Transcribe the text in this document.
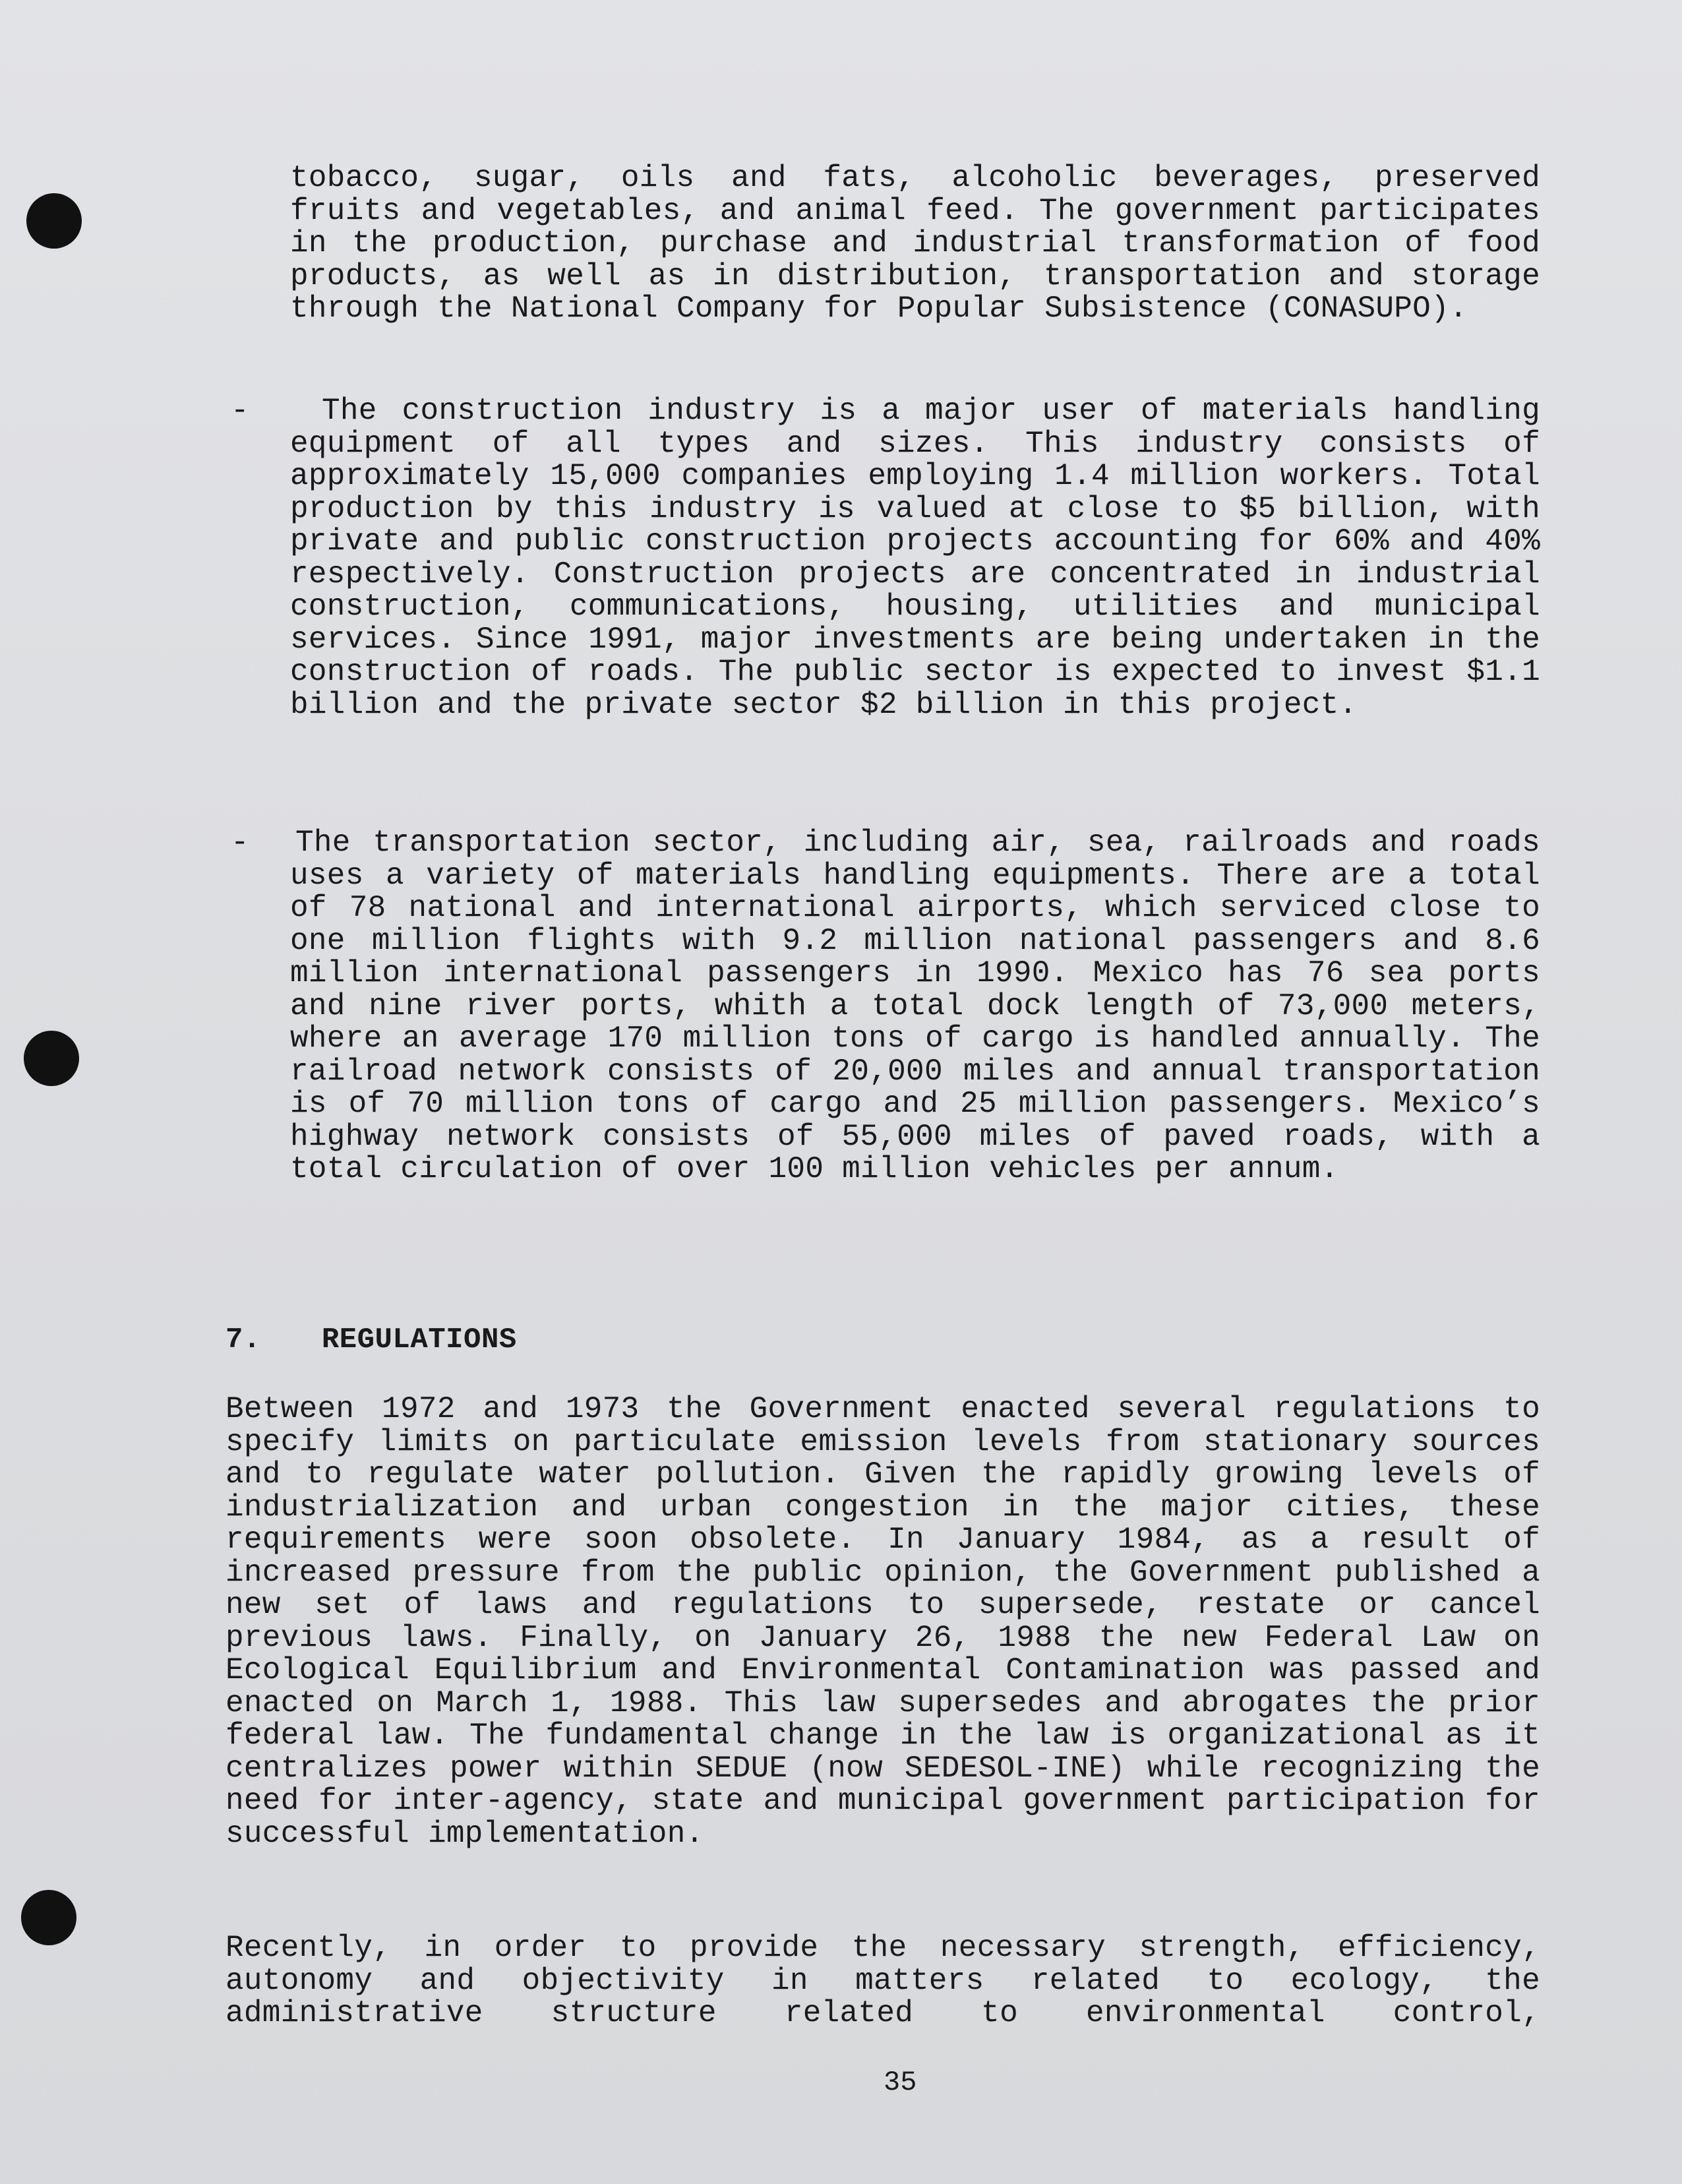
tobacco, sugar, oils and fats, alcoholic beverages, preserved fruits and vegetables, and animal feed. The government participates in the production, purchase and industrial transformation of food products, as well as in distribution, transportation and storage through the National Company for Popular Subsistence (CONASUPO).
-	The construction industry is a major user of materials handling equipment of all types and sizes. This industry consists of approximately 15,000 companies employing 1.4 million workers. Total production by this industry is valued at close to $5 billion, with private and public construction projects accounting for 60% and 40% respectively. Construction projects are concentrated in industrial construction, communications, housing, utilities and municipal services. Since 1991, major investments are being undertaken in the construction of roads. The public sector is expected to invest $1.1 billion and the private sector $2 billion in this project.
- The transportation sector, including air, sea, railroads and roads uses a variety of materials handling equipments. There are a total of 78 national and international airports, which serviced close to one million flights with 9.2 million national passengers and 8.6 million international passengers in 1990. Mexico has 76 sea ports and nine river ports, whith a total dock length of 73,000 meters, where an average 170 million tons of cargo is handled annually. The railroad network consists of 20,000 miles and annual transportation is of 70 million tons of cargo and 25 million passengers. Mexico’s highway network consists of 55,000 miles of paved roads, with a total circulation of over 100 million vehicles per annum.
7. REGULATIONS
Between 1972 and 1973 the Government enacted several regulations to specify limits on particulate emission levels from stationary sources and to regulate water pollution. Given the rapidly growing levels of industrialization and urban congestion in the major cities, these requirements were soon obsolete. In January 1984, as a result of increased pressure from the public opinion, the Government published a new set of laws and regulations to supersede, restate or cancel previous laws. Finally, on January 26, 1988 the new Federal Law on Ecological Equilibrium and Environmental Contamination was passed and enacted on March 1, 1988. This law supersedes and abrogates the prior federal law. The fundamental change in the law is organizational as it centralizes power within SEDUE (now SEDESOL-INE) while recognizing the need for inter-agency, state and municipal government participation for successful implementation.
Recently, in order to provide the necessary strength, efficiency, autonomy and objectivity in matters related to ecology, the administrative structure related to environmental control,
35
